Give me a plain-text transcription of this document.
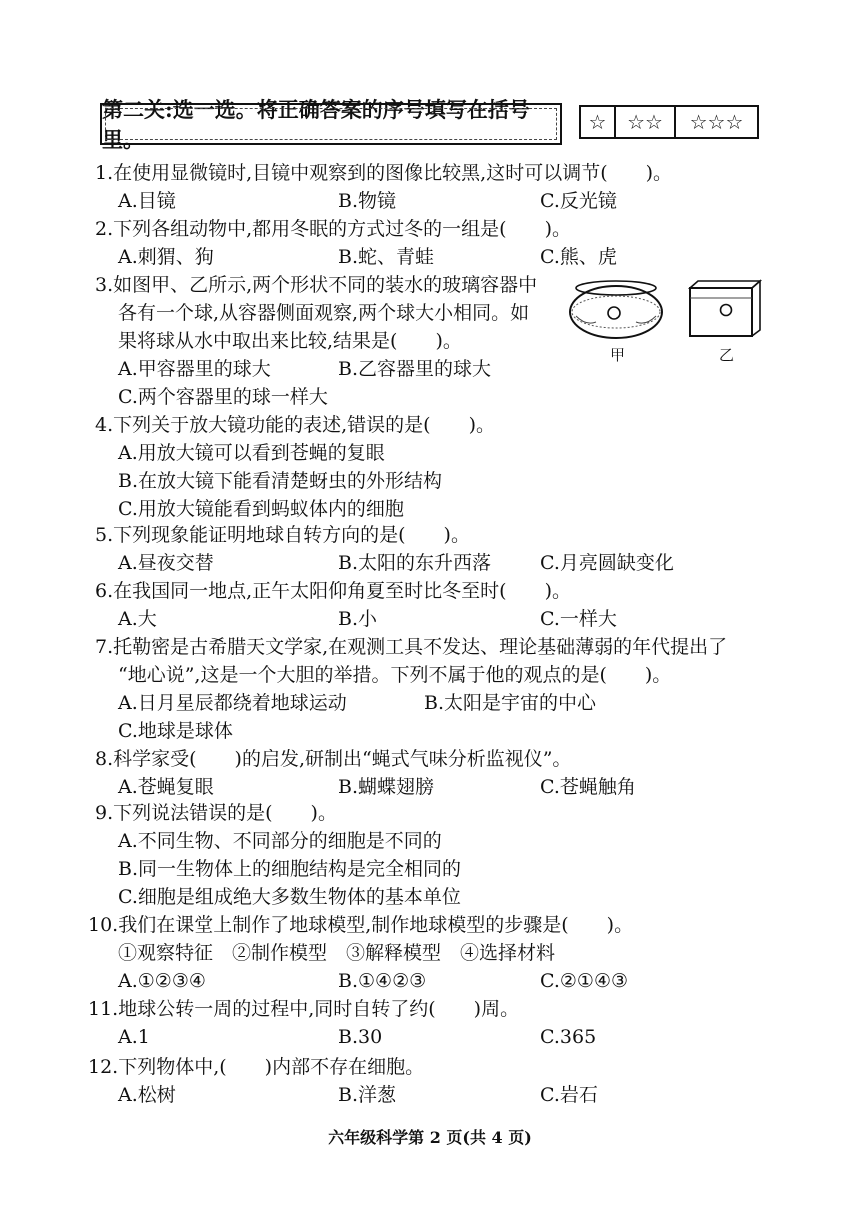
第二关:选一选。将正确答案的序号填写在括号里。
☆	☆☆	☆☆☆
1.在使用显微镜时,目镜中观察到的图像比较黑,这时可以调节(　　)。
A.目镜	B.物镜	C.反光镜
2.下列各组动物中,都用冬眠的方式过冬的一组是(　　)。
A.刺猬、狗	B.蛇、青蛙	C.熊、虎
3.如图甲、乙所示,两个形状不同的装水的玻璃容器中
各有一个球,从容器侧面观察,两个球大小相同。如
果将球从水中取出来比较,结果是(　　)。
A.甲容器里的球大	B.乙容器里的球大
C.两个容器里的球一样大
甲	乙
4.下列关于放大镜功能的表述,错误的是(　　)。
A.用放大镜可以看到苍蝇的复眼
B.在放大镜下能看清楚蚜虫的外形结构
C.用放大镜能看到蚂蚁体内的细胞
5.下列现象能证明地球自转方向的是(　　)。
A.昼夜交替	B.太阳的东升西落	C.月亮圆缺变化
6.在我国同一地点,正午太阳仰角夏至时比冬至时(　　)。
A.大	B.小	C.一样大
7.托勒密是古希腊天文学家,在观测工具不发达、理论基础薄弱的年代提出了
“地心说”,这是一个大胆的举措。下列不属于他的观点的是(　　)。
A.日月星辰都绕着地球运动	B.太阳是宇宙的中心
C.地球是球体
8.科学家受(　　)的启发,研制出“蝇式气味分析监视仪”。
A.苍蝇复眼	B.蝴蝶翅膀	C.苍蝇触角
9.下列说法错误的是(　　)。
A.不同生物、不同部分的细胞是不同的
B.同一生物体上的细胞结构是完全相同的
C.细胞是组成绝大多数生物体的基本单位
10.我们在课堂上制作了地球模型,制作地球模型的步骤是(　　)。
①观察特征　②制作模型　③解释模型　④选择材料
A.①②③④	B.①④②③	C.②①④③
11.地球公转一周的过程中,同时自转了约(　　)周。
A.1	B.30	C.365
12.下列物体中,(　　)内部不存在细胞。
A.松树	B.洋葱	C.岩石
六年级科学第 2 页(共 4 页)
